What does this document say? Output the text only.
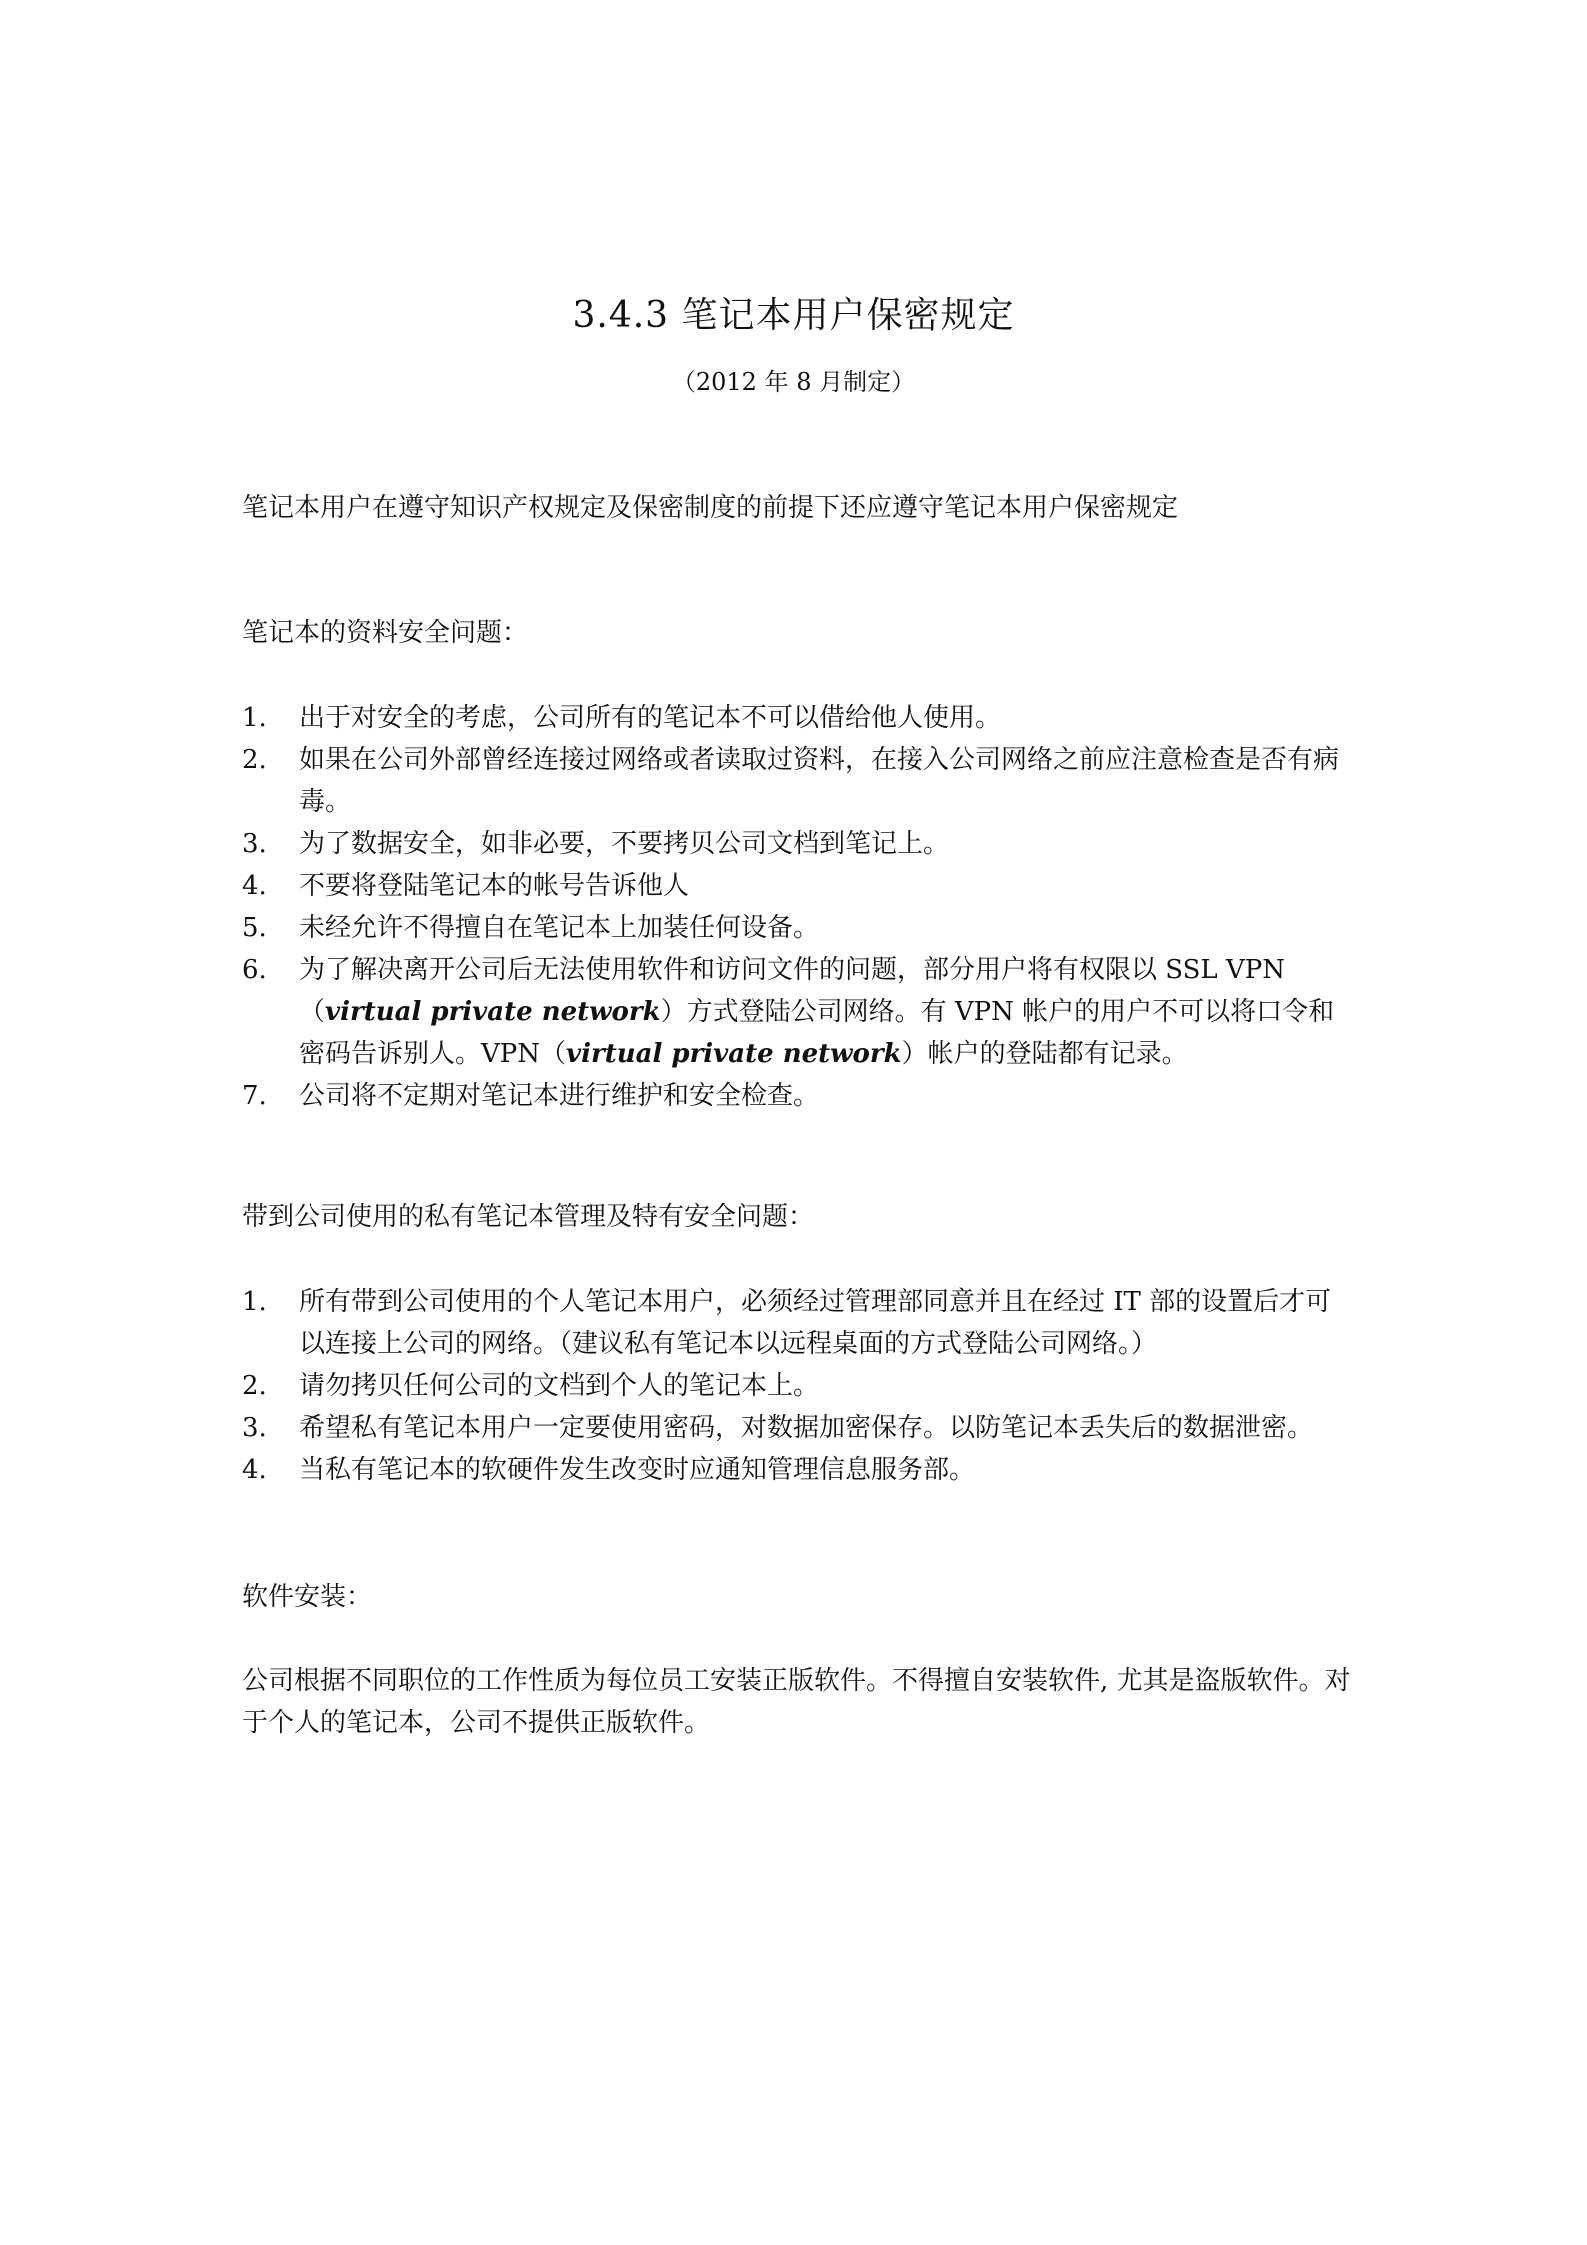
3.4.3 笔记本用户保密规定
（2012 年 8 月制定）
笔记本用户在遵守知识产权规定及保密制度的前提下还应遵守笔记本用户保密规定
笔记本的资料安全问题：
1. 出于对安全的考虑，公司所有的笔记本不可以借给他人使用。
2. 如果在公司外部曾经连接过网络或者读取过资料，在接入公司网络之前应注意检查是否有病毒。
3. 为了数据安全，如非必要，不要拷贝公司文档到笔记上。
4. 不要将登陆笔记本的帐号告诉他人
5. 未经允许不得擅自在笔记本上加装任何设备。
6. 为了解决离开公司后无法使用软件和访问文件的问题，部分用户将有权限以 SSL VPN（virtual private network）方式登陆公司网络。有 VPN 帐户的用户不可以将口令和密码告诉别人。VPN（virtual private network）帐户的登陆都有记录。
7. 公司将不定期对笔记本进行维护和安全检查。
带到公司使用的私有笔记本管理及特有安全问题：
1. 所有带到公司使用的个人笔记本用户，必须经过管理部同意并且在经过 IT 部的设置后才可以连接上公司的网络。（建议私有笔记本以远程桌面的方式登陆公司网络。）
2. 请勿拷贝任何公司的文档到个人的笔记本上。
3. 希望私有笔记本用户一定要使用密码，对数据加密保存。以防笔记本丢失后的数据泄密。
4. 当私有笔记本的软硬件发生改变时应通知管理信息服务部。
软件安装：
公司根据不同职位的工作性质为每位员工安装正版软件。不得擅自安装软件, 尤其是盗版软件。对于个人的笔记本，公司不提供正版软件。
